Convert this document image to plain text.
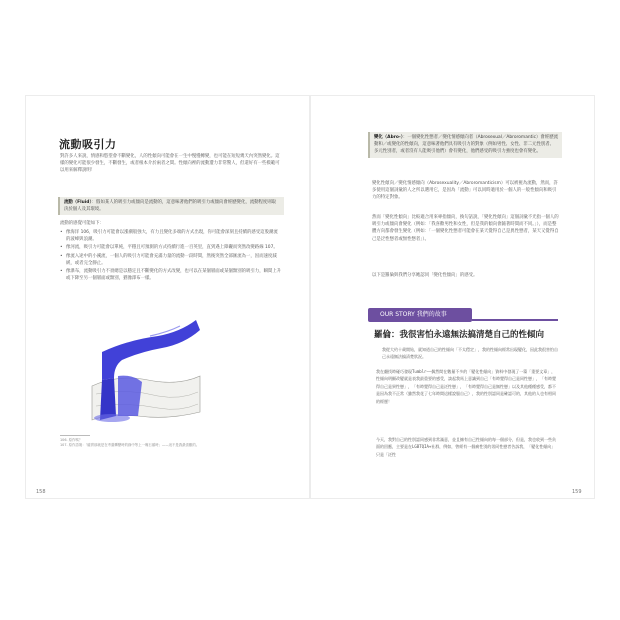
流動吸引力
對許多人來說，情感和慾望會不斷變化，人的性傾向可能會在一生中慢慢轉變，也可能在短短幾天內突然變化。這樣的變化可能很少發生，不斷發生，或者根本介於兩者之間。性傾向裡的流動遭力非常驚人，但還好有一些模範可以用來解釋說明！
流動（Fluid）：假如某人的吸引力或傾向是流動的，這意味著他們的吸引力或傾向會經歷變化，流動程度則取決於個人及其環境。
流動的感覺可能如下：
• 像海洋 106，吸引力可能會以漲潮般強大，有力且變化多端的方式出現，你可能會深刻且持續的感受這股潮流的波峰與浪潮。
• 像河流，吸引力可能會以單純，平穩且可預測的方式持續行進一百英里，直到遇上障礙而突然改變路線 107。
• 像流入途中的小溪流，一個人的吸引力可能會充滿力量的流動一段時間，然後突然全部匯流為一，因而速度減緩，或者完全靜止。
• 像瀑布，流動吸引力不須總是以穩定且不斷變化的方式改變，也可以在某個層面或某個類別的吸引力，瞬間上升或下降至另一個層面或類別，猶豫澤布一樣。
106. 原作嗎？
107. 原作語境：「確實那就是在考慮轉變時的緣中等上一塊石頭時」——這不是我最喜歡的。
158
變化（Abro-）：一個變化性戀者／變化情感傾向者（Abrosexual／Abroromantic）會經歷流動和／或變化的性傾向，這意味著他們具有吸引力的對象（例如男性、女性、非二元性別者、多元性別者，或者沒有人能吸引他們）會有變化，他們感受的吸引力強度也會有變化。
變化性傾向／變化情感傾向（Abrosexuality／Abroromanticism）可以被視為流動，然而，許多使用這個詞彙的人之所以選用它，是因為「流動」可以同時適用於一個人的一般性傾向和吸引力的特定對象。
然而「變化性傾向」比較適合用來專指傾向，換句話說，「變化性傾向」這個詞彙不光指一個人的吸引力或傾向會變化（例如：「我喜歡男性和女性，但是我的傾向會隨著時間而不同。」），而是整體方向都會發生變化（例如：「一個變化性戀者可能會在某天覺得自己是異性戀者，某天又覺得自己是泛性戀者或無性戀者」）。
以下是羅倫與我們分享她認同「變化性傾向」的感受。
OUR STORY 我們的故事
羅倫：我很害怕永遠無法搞清楚自己的性傾向
我從大約十歲開始，就知道自己的性傾向「不太穩定」，我的性傾向經常出現變化，因此我很害怕自己永遠無法搞清楚狀況。
我在翻找時碰巧發現Tumblr——偶然間在數量不多的「變化性傾向」資料中發現了一篇「重要文章」，性傾向明顯改變就是表我最重要的感受，談起我馬上意識到自己「有時覺得自己是同性戀」，「有時覺得自己是異性戀」，「有時覺得自己是泛性戀」，「有時覺得自己是無性戀」以及其他種種感受，都不是因為我不正常（雖然我花了七年時間這樣說服自己），我的性別認同是確認可的，其他的人也有相同的經歷！
今天，我對自己的性別認同感到非常滿意，並且擁有自己性傾向的每一個部分，但是，我也收到一些負面的回應，主要是在LGBTQIA+社群，例如，曾經有一個痛性別的男同性戀者告訴我，「變化性傾向」只是「泛性
159
